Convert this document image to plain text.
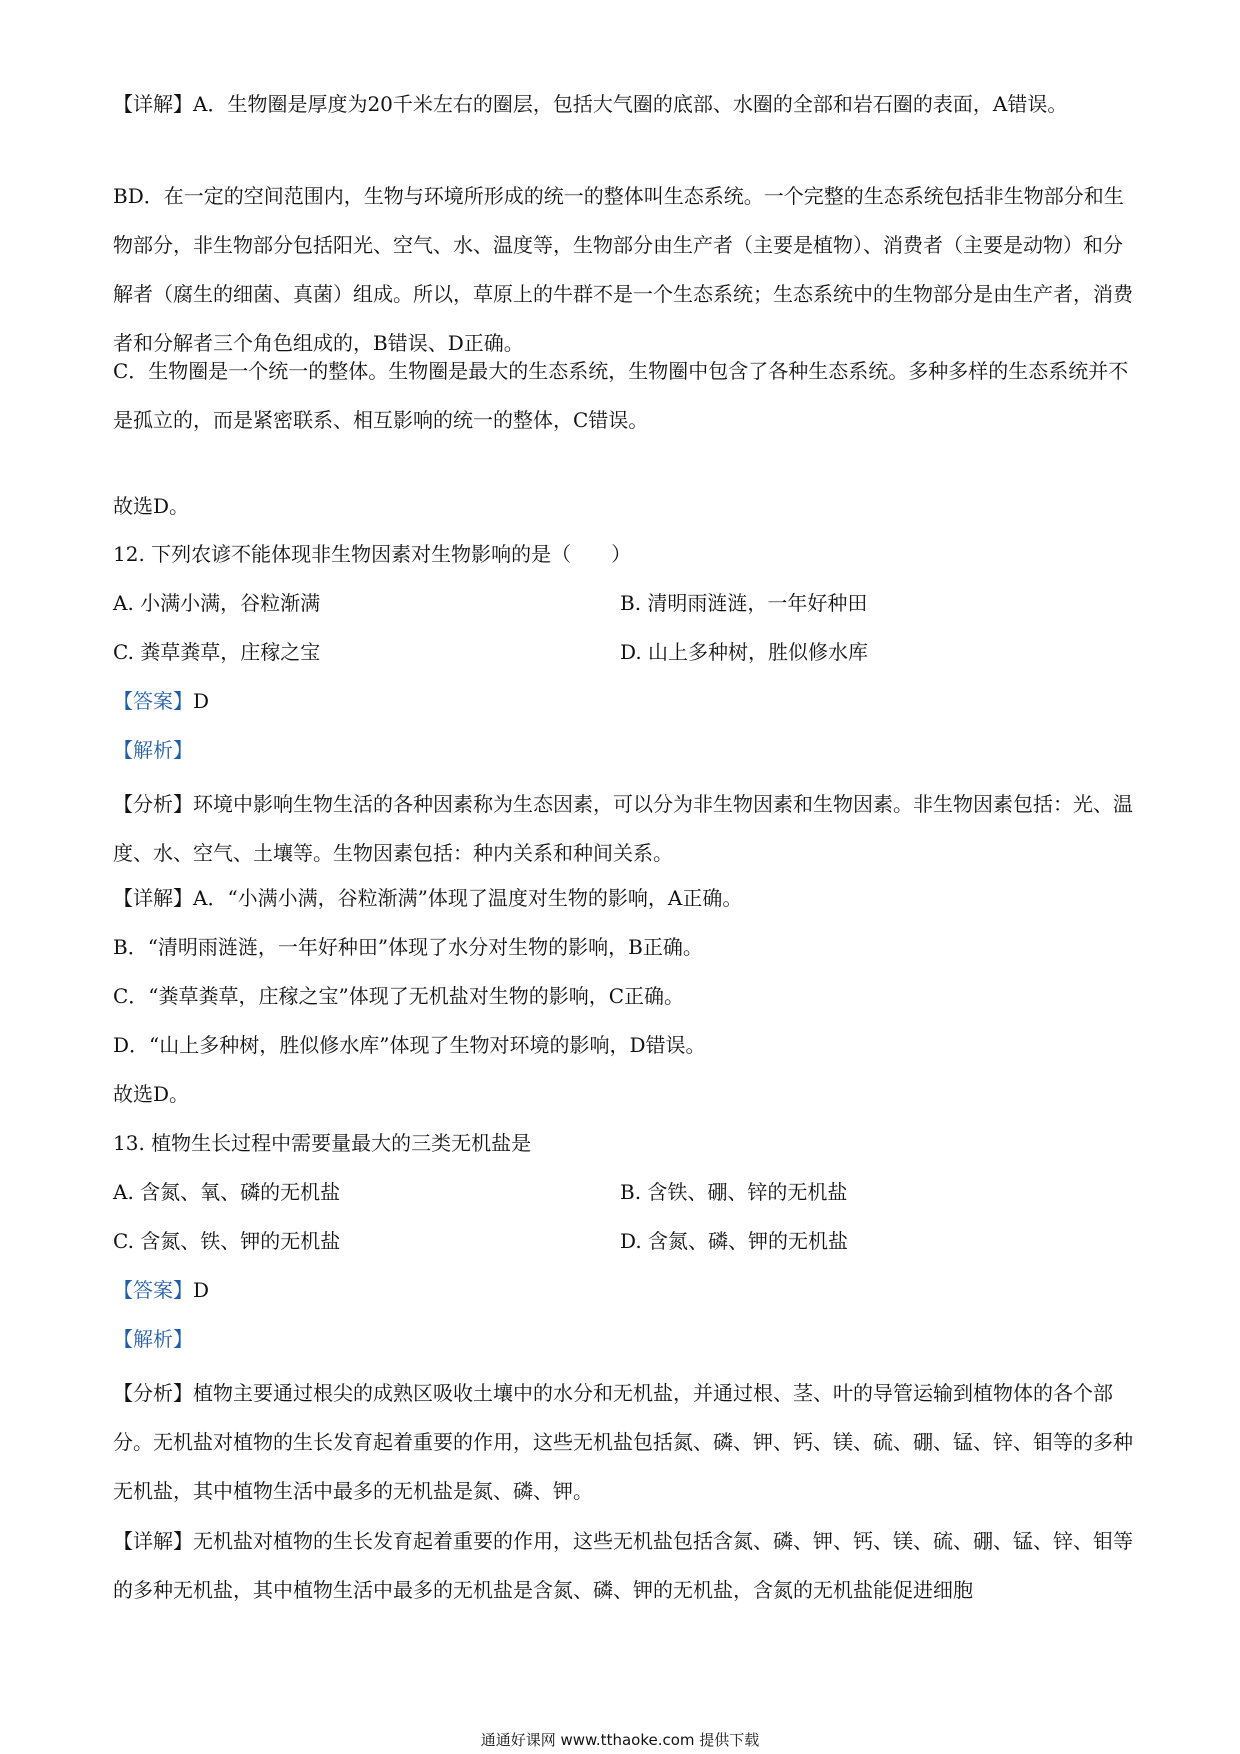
【详解】A．生物圈是厚度为20千米左右的圈层，包括大气圈的底部、水圈的全部和岩石圈的表面，A错误。
BD．在一定的空间范围内，生物与环境所形成的统一的整体叫生态系统。一个完整的生态系统包括非生物部分和生物部分，非生物部分包括阳光、空气、水、温度等，生物部分由生产者（主要是植物）、消费者（主要是动物）和分解者（腐生的细菌、真菌）组成。所以，草原上的牛群不是一个生态系统；生态系统中的生物部分是由生产者，消费者和分解者三个角色组成的，B错误、D正确。
C．生物圈是一个统一的整体。生物圈是最大的生态系统，生物圈中包含了各种生态系统。多种多样的生态系统并不是孤立的，而是紧密联系、相互影响的统一的整体，C错误。
故选D。
12. 下列农谚不能体现非生物因素对生物影响的是（　　）
A. 小满小满，谷粒渐满	B. 清明雨涟涟，一年好种田
C. 粪草粪草，庄稼之宝	D. 山上多种树，胜似修水库
【答案】D
【解析】
【分析】环境中影响生物生活的各种因素称为生态因素，可以分为非生物因素和生物因素。非生物因素包括：光、温度、水、空气、土壤等。生物因素包括：种内关系和种间关系。
【详解】A．“小满小满，谷粒渐满”体现了温度对生物的影响，A正确。
B．“清明雨涟涟，一年好种田”体现了水分对生物的影响，B正确。
C．“粪草粪草，庄稼之宝”体现了无机盐对生物的影响，C正确。
D．“山上多种树，胜似修水库”体现了生物对环境的影响，D错误。
故选D。
13. 植物生长过程中需要量最大的三类无机盐是
A. 含氮、氧、磷的无机盐	B. 含铁、硼、锌的无机盐
C. 含氮、铁、钾的无机盐	D. 含氮、磷、钾的无机盐
【答案】D
【解析】
【分析】植物主要通过根尖的成熟区吸收土壤中的水分和无机盐，并通过根、茎、叶的导管运输到植物体的各个部分。无机盐对植物的生长发育起着重要的作用，这些无机盐包括氮、磷、钾、钙、镁、硫、硼、锰、锌、钼等的多种无机盐，其中植物生活中最多的无机盐是氮、磷、钾。
【详解】无机盐对植物的生长发育起着重要的作用，这些无机盐包括含氮、磷、钾、钙、镁、硫、硼、锰、锌、钼等的多种无机盐，其中植物生活中最多的无机盐是含氮、磷、钾的无机盐，含氮的无机盐能促进细胞
通通好课网 www.tthaoke.com 提供下载
